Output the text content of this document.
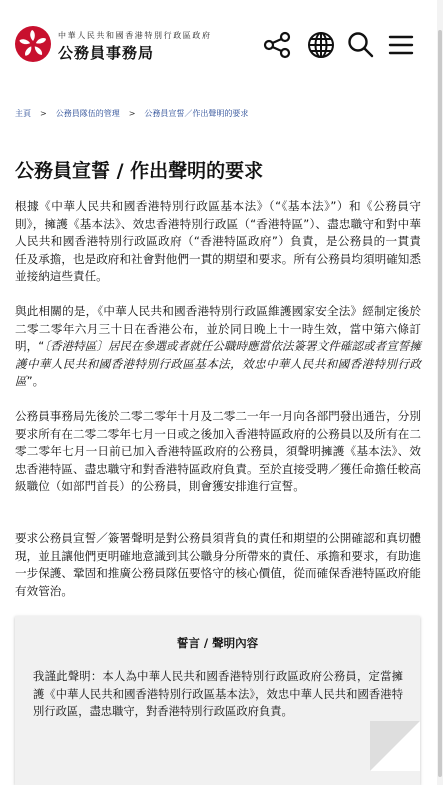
中華人民共和國香港特別行政區政府
公務員事務局
主頁 > 公務員隊伍的管理 > 公務員宣誓／作出聲明的要求
公務員宣誓 / 作出聲明的要求

根據《中華人民共和國香港特別行政區基本法》（“《基本法》”）和《公務員守則》，擁護《基本法》、效忠香港特別行政區（“香港特區”）、盡忠職守和對中華人民共和國香港特別行政區政府（“香港特區政府”）負責，是公務員的一貫責任及承擔，也是政府和社會對他們一貫的期望和要求。所有公務員均須明確知悉並接納這些責任。

與此相關的是，《中華人民共和國香港特別行政區維護國家安全法》經制定後於二零二零年六月三十日在香港公布，並於同日晚上十一時生效，當中第六條訂明，“〔香港特區〕居民在參選或者就任公職時應當依法簽署文件確認或者宣誓擁護中華人民共和國香港特別行政區基本法，效忠中華人民共和國香港特別行政區”。

公務員事務局先後於二零二零年十月及二零二一年一月向各部門發出通告，分別要求所有在二零二零年七月一日或之後加入香港特區政府的公務員以及所有在二零二零年七月一日前已加入香港特區政府的公務員，須聲明擁護《基本法》、效忠香港特區、盡忠職守和對香港特區政府負責。至於直接受聘／獲任命擔任較高級職位（如部門首長）的公務員，則會獲安排進行宣誓。

要求公務員宣誓／簽署聲明是對公務員須背負的責任和期望的公開確認和真切體現，並且讓他們更明確地意識到其公職身分所帶來的責任、承擔和要求，有助進一步保護、鞏固和推廣公務員隊伍要恪守的核心價值，從而確保香港特區政府能有效管治。

誓言 / 聲明內容
我謹此聲明：本人為中華人民共和國香港特別行政區政府公務員，定當擁護《中華人民共和國香港特別行政區基本法》，效忠中華人民共和國香港特別行政區，盡忠職守，對香港特別行政區政府負責。
